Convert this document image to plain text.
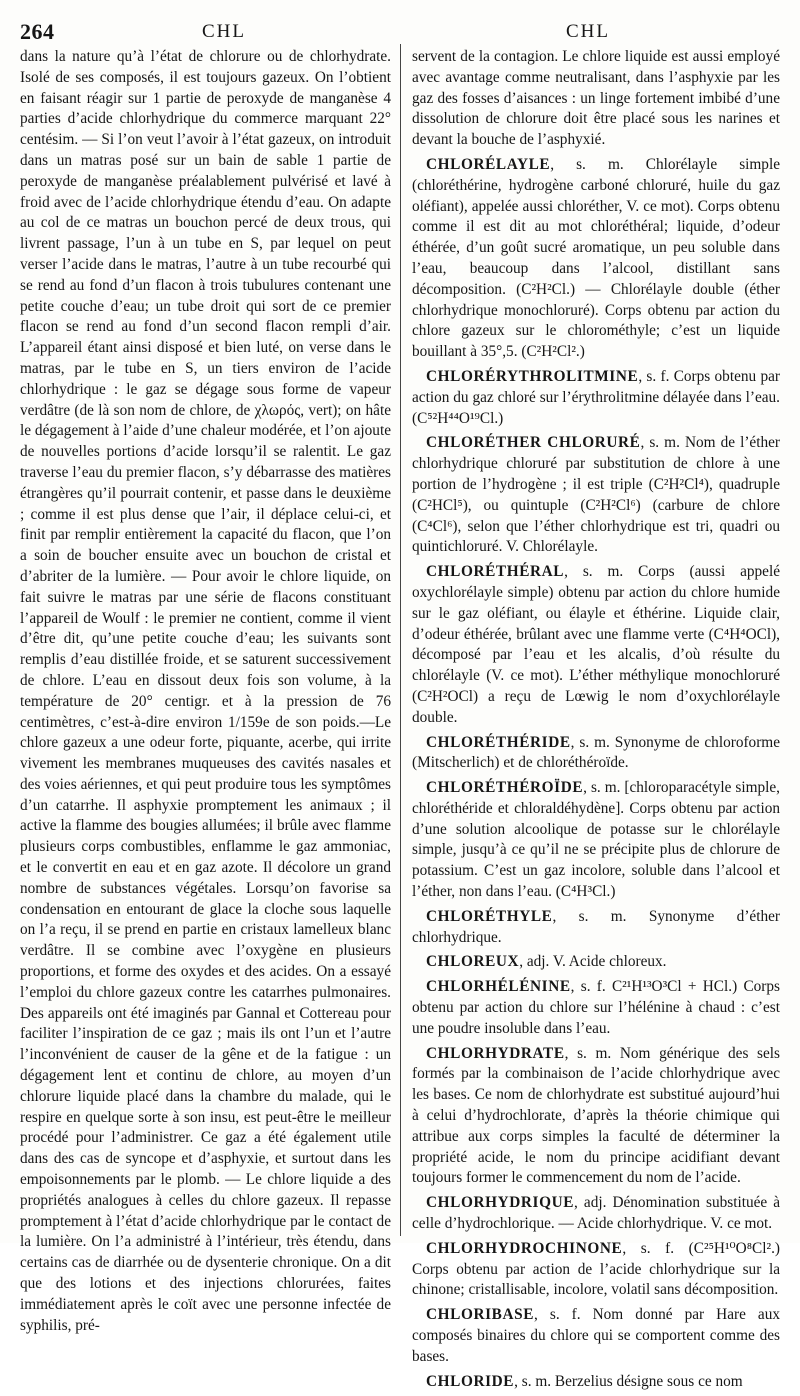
264	CHL	CHL

dans la nature qu’à l’état de chlorure ou de chlorhydrate. Isolé de ses composés, il est toujours gazeux. On l’obtient en faisant réagir sur 1 partie de peroxyde de manganèse 4 parties d’acide chlorhydrique du commerce marquant 22° centésim. — Si l’on veut l’avoir à l’état gazeux, on introduit dans un matras posé sur un bain de sable 1 partie de peroxyde de manganèse préalablement pulvérisé et lavé à froid avec de l’acide chlorhydrique étendu d’eau. On adapte au col de ce matras un bouchon percé de deux trous, qui livrent passage, l’un à un tube en S, par lequel on peut verser l’acide dans le matras, l’autre à un tube recourbé qui se rend au fond d’un flacon à trois tubulures contenant une petite couche d’eau; un tube droit qui sort de ce premier flacon se rend au fond d’un second flacon rempli d’air. L’appareil étant ainsi disposé et bien luté, on verse dans le matras, par le tube en S, un tiers environ de l’acide chlorhydrique : le gaz se dégage sous forme de vapeur verdâtre (de là son nom de chlore, de χλωρός, vert); on hâte le dégagement à l’aide d’une chaleur modérée, et l’on ajoute de nouvelles portions d’acide lorsqu’il se ralentit. Le gaz traverse l’eau du premier flacon, s’y débarrasse des matières étrangères qu’il pourrait contenir, et passe dans le deuxième ; comme il est plus dense que l’air, il déplace celui-ci, et finit par remplir entièrement la capacité du flacon, que l’on a soin de boucher ensuite avec un bouchon de cristal et d’abriter de la lumière. — Pour avoir le chlore liquide, on fait suivre le matras par une série de flacons constituant l’appareil de Woulf : le premier ne contient, comme il vient d’être dit, qu’une petite couche d’eau; les suivants sont remplis d’eau distillée froide, et se saturent successivement de chlore. L’eau en dissout deux fois son volume, à la température de 20° centigr. et à la pression de 76 centimètres, c’est-à-dire environ 1/159e de son poids.—Le chlore gazeux a une odeur forte, piquante, acerbe, qui irrite vivement les membranes muqueuses des cavités nasales et des voies aériennes, et qui peut produire tous les symptômes d’un catarrhe. Il asphyxie promptement les animaux ; il active la flamme des bougies allumées; il brûle avec flamme plusieurs corps combustibles, enflamme le gaz ammoniac, et le convertit en eau et en gaz azote. Il décolore un grand nombre de substances végétales. Lorsqu’on favorise sa condensation en entourant de glace la cloche sous laquelle on l’a reçu, il se prend en partie en cristaux lamelleux blanc verdâtre. Il se combine avec l’oxygène en plusieurs proportions, et forme des oxydes et des acides. On a essayé l’emploi du chlore gazeux contre les catarrhes pulmonaires. Des appareils ont été imaginés par Gannal et Cottereau pour faciliter l’inspiration de ce gaz ; mais ils ont l’un et l’autre l’inconvénient de causer de la gêne et de la fatigue : un dégagement lent et continu de chlore, au moyen d’un chlorure liquide placé dans la chambre du malade, qui le respire en quelque sorte à son insu, est peut-être le meilleur procédé pour l’administrer. Ce gaz a été également utile dans des cas de syncope et d’asphyxie, et surtout dans les empoisonnements par le plomb. — Le chlore liquide a des propriétés analogues à celles du chlore gazeux. Il repasse promptement à l’état d’acide chlorhydrique par le contact de la lumière. On l’a administré à l’intérieur, très étendu, dans certains cas de diarrhée ou de dysenterie chronique. On a dit que des lotions et des injections chlorurées, faites immédiatement après le coït avec une personne infectée de syphilis, pré-

servent de la contagion. Le chlore liquide est aussi employé avec avantage comme neutralisant, dans l’asphyxie par les gaz des fosses d’aisances : un linge fortement imbibé d’une dissolution de chlorure doit être placé sous les narines et devant la bouche de l’asphyxié.

CHLORÉLAYLE, s. m. Chlorélayle simple (chloréthérine, hydrogène carboné chloruré, huile du gaz oléfiant), appelée aussi chloréther, V. ce mot). Corps obtenu comme il est dit au mot chloréthéral; liquide, d’odeur éthérée, d’un goût sucré aromatique, un peu soluble dans l’eau, beaucoup dans l’alcool, distillant sans décomposition. (C²H²Cl.) — Chlorélayle double (éther chlorhydrique monochloruré). Corps obtenu par action du chlore gazeux sur le chlorométhyle; c’est un liquide bouillant à 35°,5. (C²H²Cl².)

CHLORÉRYTHROLITMINE, s. f. Corps obtenu par action du gaz chloré sur l’érythrolitmine délayée dans l’eau. (C⁵²H⁴⁴O¹⁹Cl.)

CHLORÉTHER CHLORURÉ, s. m. Nom de l’éther chlorhydrique chloruré par substitution de chlore à une portion de l’hydrogène ; il est triple (C²H²Cl⁴), quadruple (C²HCl⁵), ou quintuple (C²H²Cl⁶) (carbure de chlore (C⁴Cl⁶), selon que l’éther chlorhydrique est tri, quadri ou quintichloruré. V. Chlorélayle.

CHLORÉTHÉRAL, s. m. Corps (aussi appelé oxychlorélayle simple) obtenu par action du chlore humide sur le gaz oléfiant, ou élayle et éthérine. Liquide clair, d’odeur éthérée, brûlant avec une flamme verte (C⁴H⁴OCl), décomposé par l’eau et les alcalis, d’où résulte du chlorélayle (V. ce mot). L’éther méthylique monochloruré (C²H²OCl) a reçu de Lœwig le nom d’oxychlorélayle double.

CHLORÉTHÉRIDE, s. m. Synonyme de chloroforme (Mitscherlich) et de chloréthéroïde.

CHLORÉTHÉROÏDE, s. m. [chloroparacétyle simple, chloréthéride et chloraldéhydène]. Corps obtenu par action d’une solution alcoolique de potasse sur le chlorélayle simple, jusqu’à ce qu’il ne se précipite plus de chlorure de potassium. C’est un gaz incolore, soluble dans l’alcool et l’éther, non dans l’eau. (C⁴H³Cl.)

CHLORÉTHYLE, s. m. Synonyme d’éther chlorhydrique.

CHLOREUX, adj. V. Acide chloreux.

CHLORHÉLÉNINE, s. f. C²¹H¹³O³Cl + HCl.) Corps obtenu par action du chlore sur l’hélénine à chaud : c’est une poudre insoluble dans l’eau.

CHLORHYDRATE, s. m. Nom générique des sels formés par la combinaison de l’acide chlorhydrique avec les bases. Ce nom de chlorhydrate est substitué aujourd’hui à celui d’hydrochlorate, d’après la théorie chimique qui attribue aux corps simples la faculté de déterminer la propriété acide, le nom du principe acidifiant devant toujours former le commencement du nom de l’acide.

CHLORHYDRIQUE, adj. Dénomination substituée à celle d’hydrochlorique. — Acide chlorhydrique. V. ce mot.

CHLORHYDROCHINONE, s. f. (C²⁵H¹⁰O⁸Cl².) Corps obtenu par action de l’acide chlorhydrique sur la chinone; cristallisable, incolore, volatil sans décomposition.

CHLORIBASE, s. f. Nom donné par Hare aux composés binaires du chlore qui se comportent comme des bases.

CHLORIDE, s. m. Berzelius désigne sous ce nom
